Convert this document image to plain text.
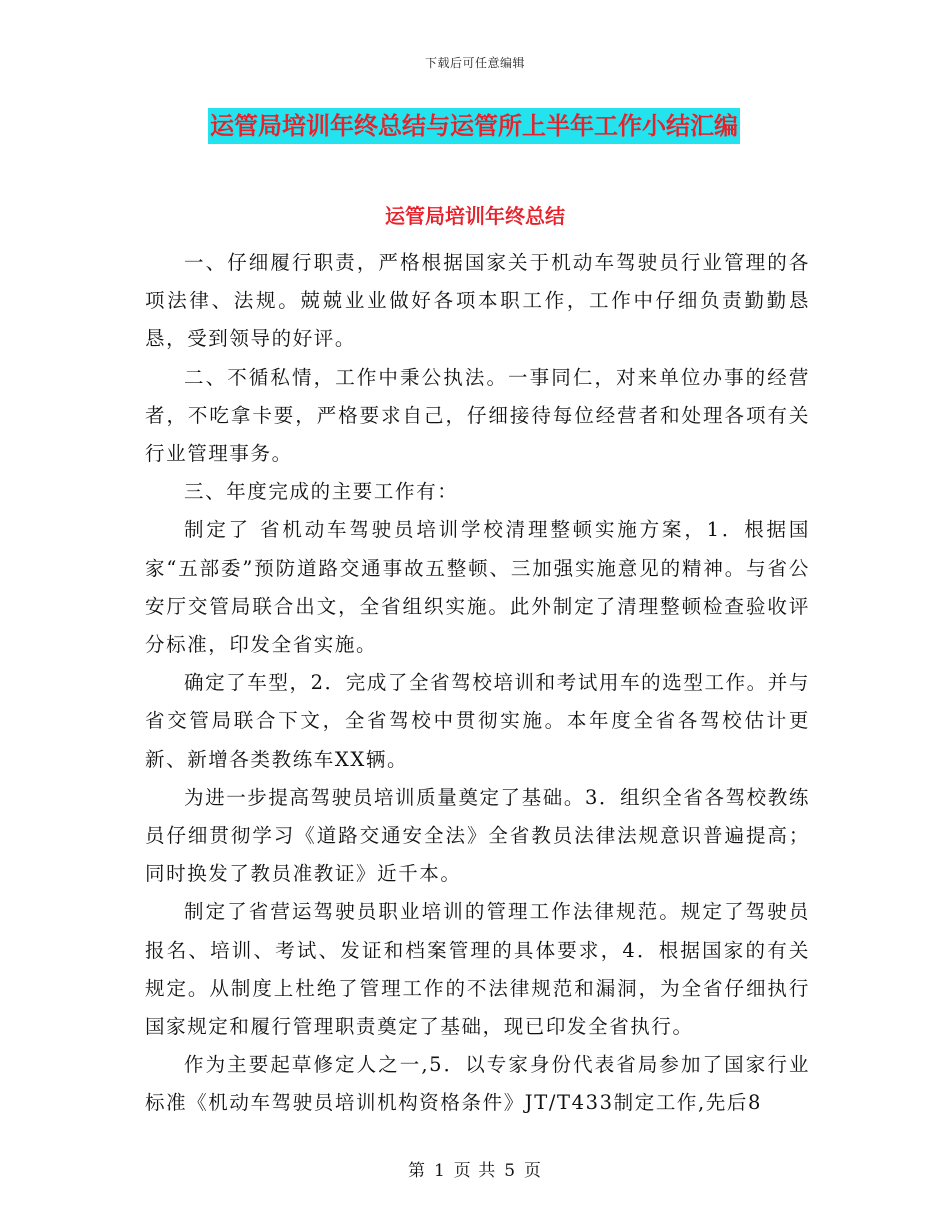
下载后可任意编辑
运管局培训年终总结与运管所上半年工作小结汇编
运管局培训年终总结

一、仔细履行职责，严格根据国家关于机动车驾驶员行业管理的各项法律、法规。兢兢业业做好各项本职工作，工作中仔细负责勤勤恳恳，受到领导的好评。

二、不循私情，工作中秉公执法。一事同仁，对来单位办事的经营者，不吃拿卡要，严格要求自己，仔细接待每位经营者和处理各项有关行业管理事务。

三、年度完成的主要工作有：

制定了 省机动车驾驶员培训学校清理整顿实施方案，1．根据国家“五部委”预防道路交通事故五整顿、三加强实施意见的精神。与省公安厅交管局联合出文，全省组织实施。此外制定了清理整顿检查验收评分标准，印发全省实施。

确定了车型，2．完成了全省驾校培训和考试用车的选型工作。并与省交管局联合下文，全省驾校中贯彻实施。本年度全省各驾校估计更新、新增各类教练车XX辆。

为进一步提高驾驶员培训质量奠定了基础。3．组织全省各驾校教练员仔细贯彻学习《道路交通安全法》全省教员法律法规意识普遍提高；同时换发了教员准教证》近千本。

制定了省营运驾驶员职业培训的管理工作法律规范。规定了驾驶员报名、培训、考试、发证和档案管理的具体要求，4．根据国家的有关规定。从制度上杜绝了管理工作的不法律规范和漏洞，为全省仔细执行国家规定和履行管理职责奠定了基础，现已印发全省执行。

作为主要起草修定人之一,5．以专家身份代表省局参加了国家行业标准《机动车驾驶员培训机构资格条件》JT/T433制定工作,先后8

第 1 页 共 5 页
